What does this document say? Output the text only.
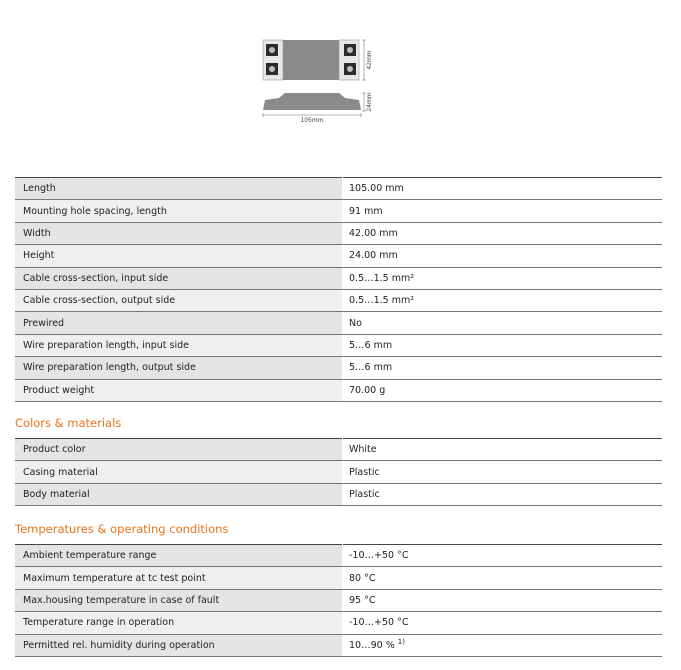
42mm
24mm
105mm
Length	105.00 mm
Mounting hole spacing, length	91 mm
Width	42.00 mm
Height	24.00 mm
Cable cross-section, input side	0.5…1.5 mm²
Cable cross-section, output side	0.5…1.5 mm²
Prewired	No
Wire preparation length, input side	5…6 mm
Wire preparation length, output side	5…6 mm
Product weight	70.00 g
Colors & materials
Product color	White
Casing material	Plastic
Body material	Plastic
Temperatures & operating conditions
Ambient temperature range	-10…+50 °C
Maximum temperature at tc test point	80 °C
Max.housing temperature in case of fault	95 °C
Temperature range in operation	-10…+50 °C
Permitted rel. humidity during operation	10…90 % $^{1)}$
